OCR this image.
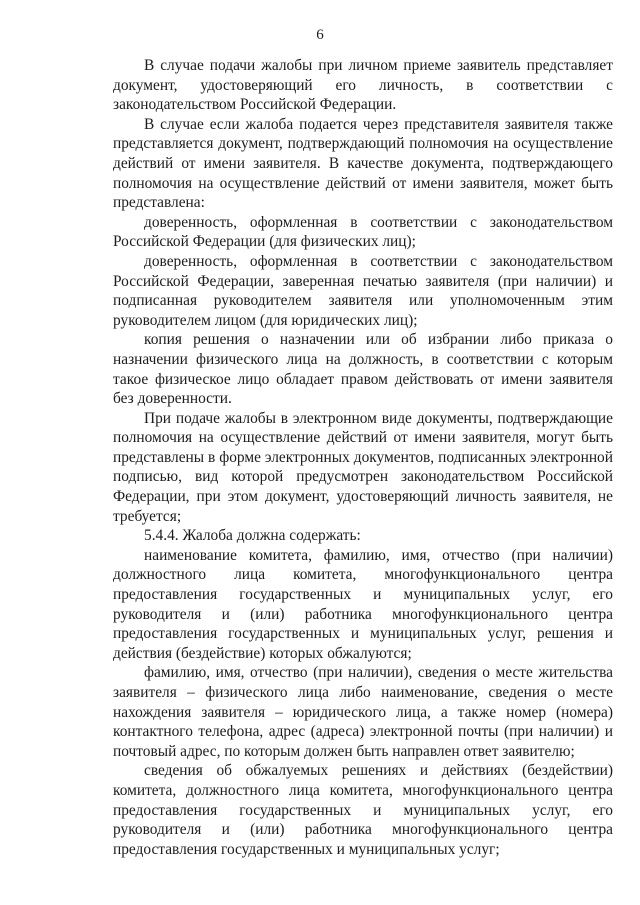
6

В случае подачи жалобы при личном приеме заявитель представляет документ, удостоверяющий его личность, в соответствии с законодательством Российской Федерации.

В случае если жалоба подается через представителя заявителя также представляется документ, подтверждающий полномочия на осуществление действий от имени заявителя. В качестве документа, подтверждающего полномочия на осуществление действий от имени заявителя, может быть представлена:

доверенность, оформленная в соответствии с законодательством Российской Федерации (для физических лиц);

доверенность, оформленная в соответствии с законодательством Российской Федерации, заверенная печатью заявителя (при наличии) и подписанная руководителем заявителя или уполномоченным этим руководителем лицом (для юридических лиц);

копия решения о назначении или об избрании либо приказа о назначении физического лица на должность, в соответствии с которым такое физическое лицо обладает правом действовать от имени заявителя без доверенности.

При подаче жалобы в электронном виде документы, подтверждающие полномочия на осуществление действий от имени заявителя, могут быть представлены в форме электронных документов, подписанных электронной подписью, вид которой предусмотрен законодательством Российской Федерации, при этом документ, удостоверяющий личность заявителя, не требуется;

5.4.4. Жалоба должна содержать:

наименование комитета, фамилию, имя, отчество (при наличии) должностного лица комитета, многофункционального центра предоставления государственных и муниципальных услуг, его руководителя и (или) работника многофункционального центра предоставления государственных и муниципальных услуг, решения и действия (бездействие) которых обжалуются;

фамилию, имя, отчество (при наличии), сведения о месте жительства заявителя – физического лица либо наименование, сведения о месте нахождения заявителя – юридического лица, а также номер (номера) контактного телефона, адрес (адреса) электронной почты (при наличии) и почтовый адрес, по которым должен быть направлен ответ заявителю;

сведения об обжалуемых решениях и действиях (бездействии) комитета, должностного лица комитета, многофункционального центра предоставления государственных и муниципальных услуг, его руководителя и (или) работника многофункционального центра предоставления государственных и муниципальных услуг;
